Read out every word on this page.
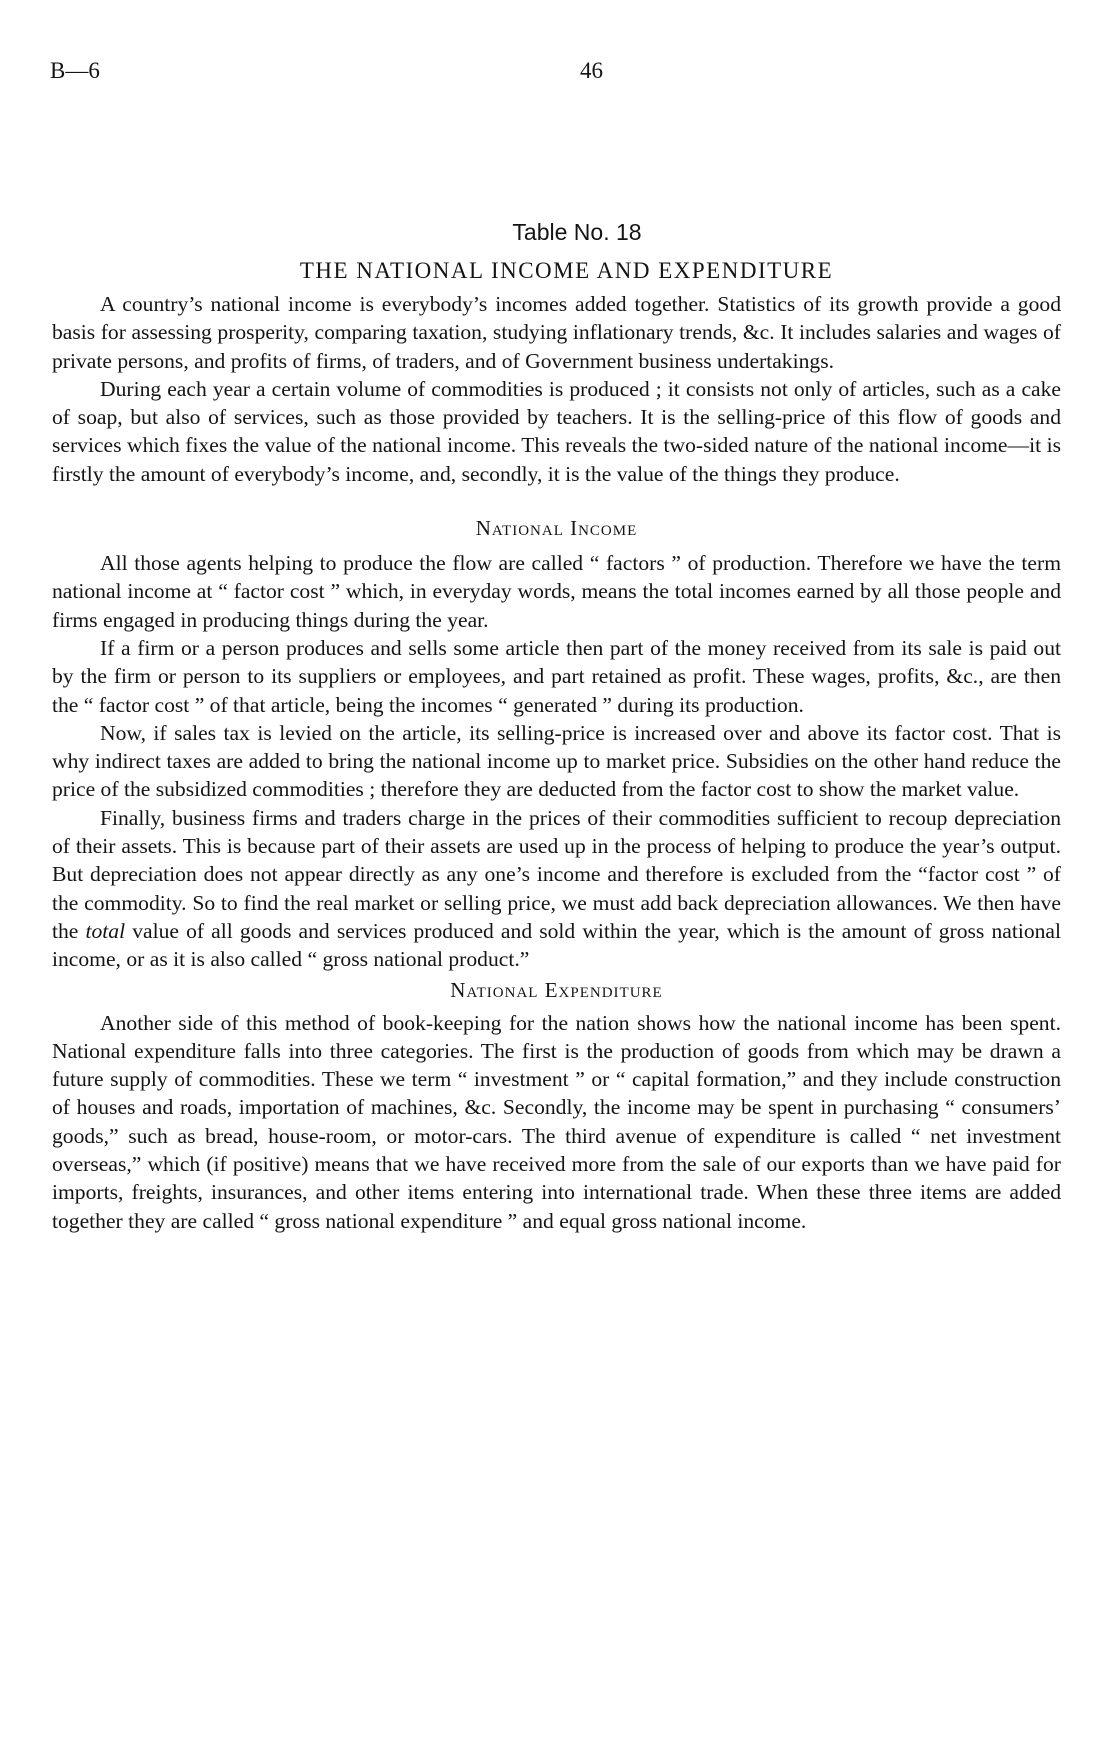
B—6	46
Table No. 18
THE NATIONAL INCOME AND EXPENDITURE

A country’s national income is everybody’s incomes added together. Statistics of its growth provide a good basis for assessing prosperity, comparing taxation, studying inflationary trends, &c. It includes salaries and wages of private persons, and profits of firms, of traders, and of Government business undertakings.

During each year a certain volume of commodities is produced ; it consists not only of articles, such as a cake of soap, but also of services, such as those provided by teachers. It is the selling-price of this flow of goods and services which fixes the value of the national income. This reveals the two-sided nature of the national income—it is firstly the amount of everybody’s income, and, secondly, it is the value of the things they produce.

National Income

All those agents helping to produce the flow are called “ factors ” of production. Therefore we have the term national income at “ factor cost ” which, in everyday words, means the total incomes earned by all those people and firms engaged in producing things during the year.

If a firm or a person produces and sells some article then part of the money received from its sale is paid out by the firm or person to its suppliers or employees, and part retained as profit. These wages, profits, &c., are then the “ factor cost ” of that article, being the incomes “ generated ” during its production.

Now, if sales tax is levied on the article, its selling-price is increased over and above its factor cost. That is why indirect taxes are added to bring the national income up to market price. Subsidies on the other hand reduce the price of the subsidized commodities ; therefore they are deducted from the factor cost to show the market value.

Finally, business firms and traders charge in the prices of their commodities sufficient to recoup depreciation of their assets. This is because part of their assets are used up in the process of helping to produce the year’s output. But depreciation does not appear directly as any one’s income and therefore is excluded from the “factor cost ” of the commodity. So to find the real market or selling price, we must add back depreciation allowances. We then have the total value of all goods and services produced and sold within the year, which is the amount of gross national income, or as it is also called “ gross national product.”

National Expenditure

Another side of this method of book-keeping for the nation shows how the national income has been spent. National expenditure falls into three categories. The first is the production of goods from which may be drawn a future supply of commodities. These we term “ investment ” or “ capital formation,” and they include construction of houses and roads, importation of machines, &c. Secondly, the income may be spent in purchasing “ consumers’ goods,” such as bread, house-room, or motor-cars. The third avenue of expenditure is called “ net investment overseas,” which (if positive) means that we have received more from the sale of our exports than we have paid for imports, freights, insurances, and other items entering into international trade. When these three items are added together they are called “ gross national expenditure ” and equal gross national income.
